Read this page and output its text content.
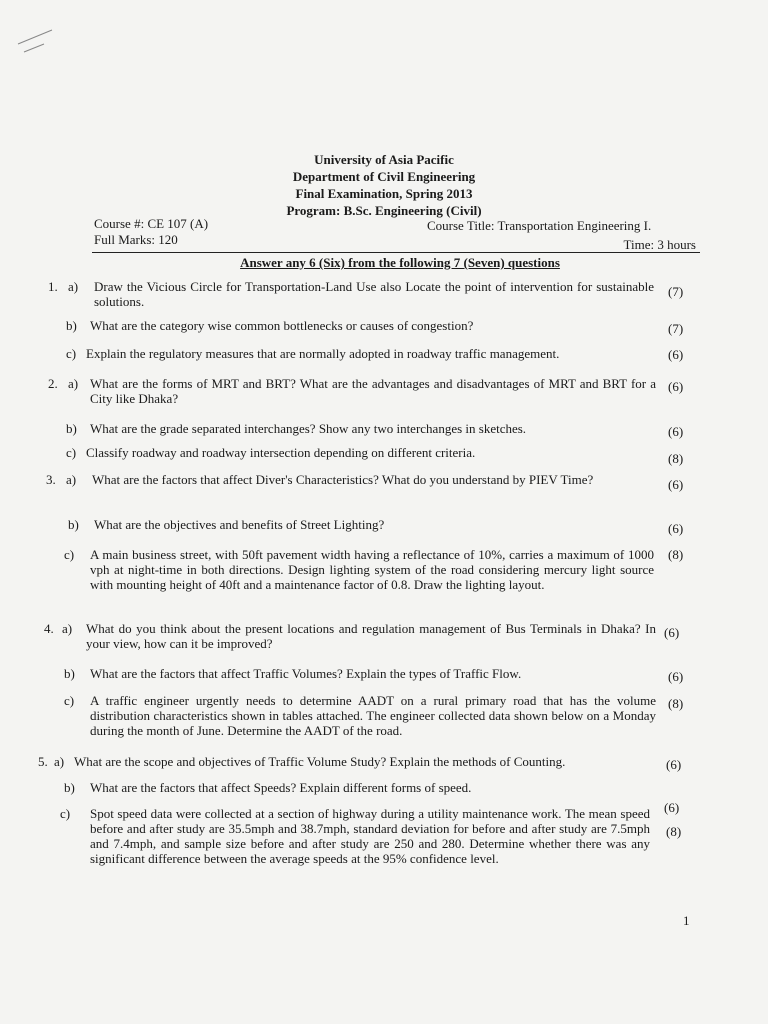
University of Asia Pacific
Department of Civil Engineering
Final Examination, Spring 2013
Program: B.Sc. Engineering (Civil)
Course #: CE 107 (A)	Course Title: Transportation Engineering I.
Full Marks: 120	Time: 3 hours
Answer any 6 (Six) from the following 7 (Seven) questions
1. a) Draw the Vicious Circle for Transportation-Land Use also Locate the point of intervention for sustainable solutions.
(7)
b) What are the category wise common bottlenecks or causes of congestion?	(7)
c) Explain the regulatory measures that are normally adopted in roadway traffic management.	(6)
2. a) What are the forms of MRT and BRT? What are the advantages and disadvantages of MRT and BRT for a City like Dhaka?
(6)
b) What are the grade separated interchanges? Show any two interchanges in sketches.	(6)
c) Classify roadway and roadway intersection depending on different criteria.	(8)
3. a) What are the factors that affect Diver's Characteristics? What do you understand by PIEV Time?	(6)
b) What are the objectives and benefits of Street Lighting?	(6)
c) A main business street, with 50ft pavement width having a reflectance of 10%, carries a maximum of 1000 vph at night-time in both directions. Design lighting system of the road considering mercury light source with mounting height of 40ft and a maintenance factor of 0.8. Draw the lighting layout.
(8)
4. a) What do you think about the present locations and regulation management of Bus Terminals in Dhaka? In your view, how can it be improved?
(6)
b) What are the factors that affect Traffic Volumes? Explain the types of Traffic Flow.	(6)
c) A traffic engineer urgently needs to determine AADT on a rural primary road that has the volume distribution characteristics shown in tables attached. The engineer collected data shown below on a Monday during the month of June. Determine the AADT of the road.
(8)
5. a) What are the scope and objectives of Traffic Volume Study? Explain the methods of Counting.	(6)
b) What are the factors that affect Speeds? Explain different forms of speed.
(6)
c) Spot speed data were collected at a section of highway during a utility maintenance work. The mean speed before and after study are 35.5mph and 38.7mph, standard deviation for before and after study are 7.5mph and 7.4mph, and sample size before and after study are 250 and 280. Determine whether there was any significant difference between the average speeds at the 95% confidence level.
(8)
1
